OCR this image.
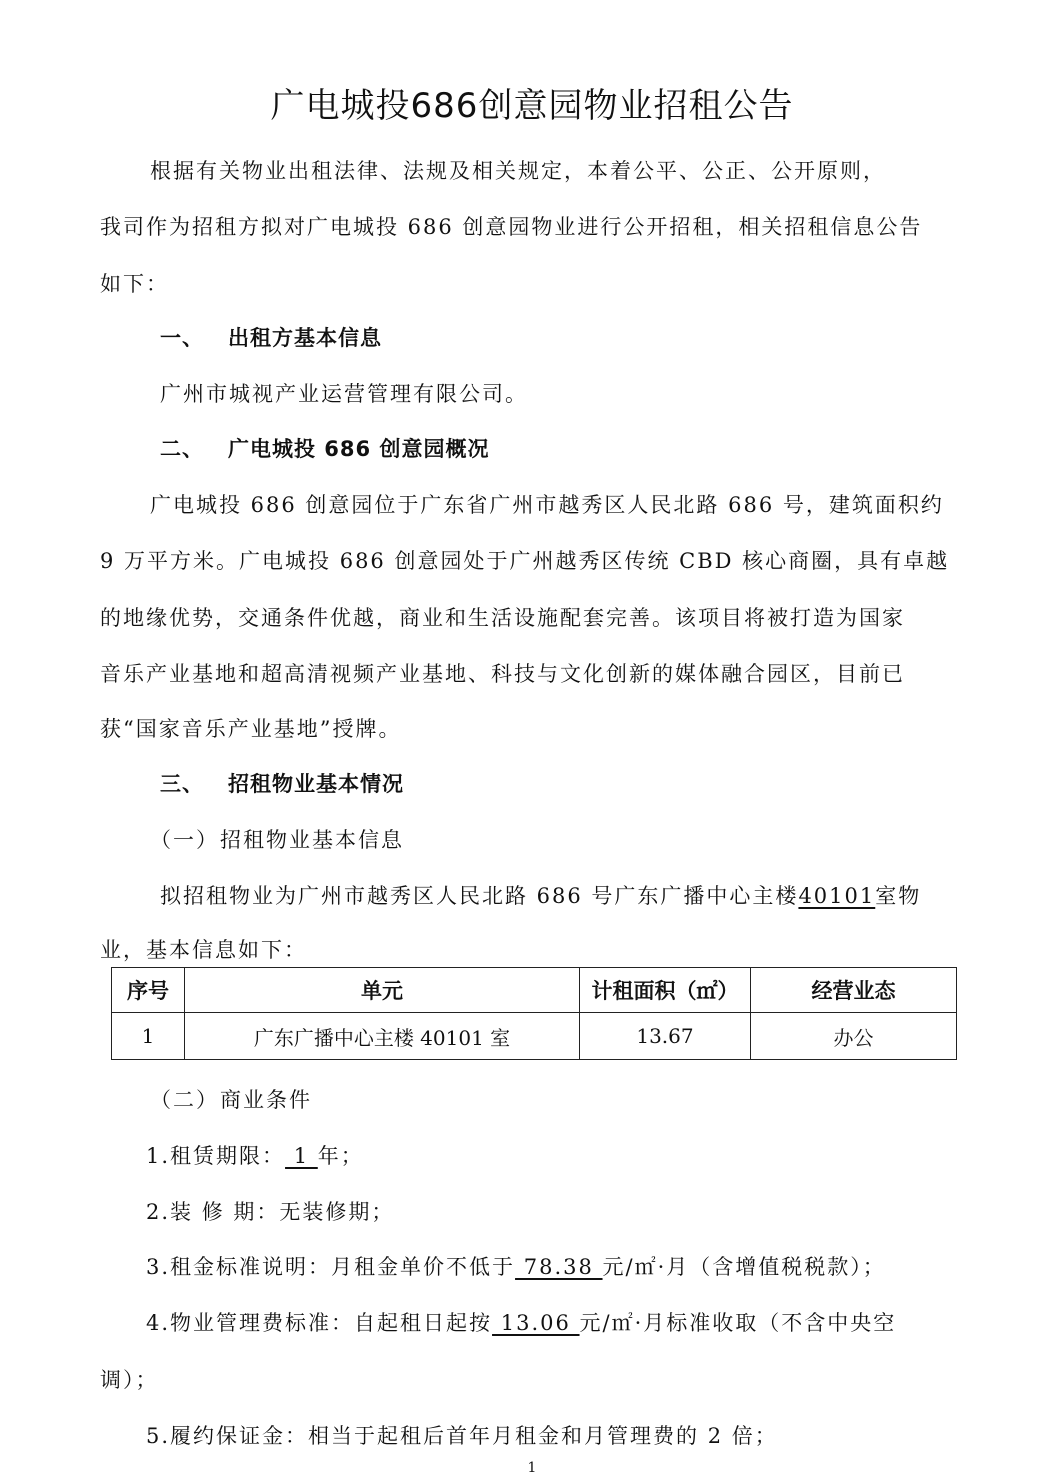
广电城投686创意园物业招租公告
根据有关物业出租法律、法规及相关规定，本着公平、公正、公开原则，
我司作为招租方拟对广电城投 686 创意园物业进行公开招租，相关招租信息公告
如下：
一、 出租方基本信息
广州市城视产业运营管理有限公司。
二、 广电城投 686 创意园概况
广电城投 686 创意园位于广东省广州市越秀区人民北路 686 号，建筑面积约
9 万平方米。广电城投 686 创意园处于广州越秀区传统 CBD 核心商圈，具有卓越
的地缘优势，交通条件优越，商业和生活设施配套完善。该项目将被打造为国家
音乐产业基地和超高清视频产业基地、科技与文化创新的媒体融合园区，目前已
获“国家音乐产业基地”授牌。
三、 招租物业基本情况
（一）招租物业基本信息
拟招租物业为广州市越秀区人民北路 686 号广东广播中心主楼40101室物
业，基本信息如下：
序号	单元	计租面积（㎡）	经营业态
1	广东广播中心主楼 40101 室	13.67	办公
（二）商业条件
1.租赁期限： 1 年；
2.装 修 期：无装修期；
3.租金标准说明：月租金单价不低于 78.38 元/㎡·月（含增值税税款）；
4.物业管理费标准：自起租日起按 13.06 元/㎡·月标准收取（不含中央空
调）；
5.履约保证金：相当于起租后首年月租金和月管理费的 2 倍；
1
